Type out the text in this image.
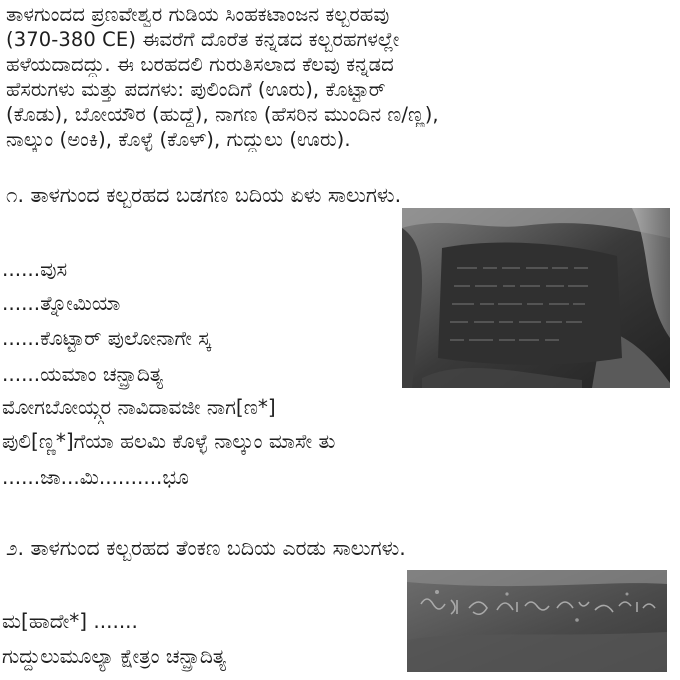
ತಾಳಗುಂದದ ಪ್ರಣವೇಶ್ವರ ಗುಡಿಯ ಸಿಂಹಕಟಾಂಜನ ಕಲ್ಬರಹವು
(370-380 CE) ಈವರೆಗೆ ದೊರೆತ ಕನ್ನಡದ ಕಲ್ಬರಹಗಳಲ್ಲೇ
ಹಳೆಯದಾದದ್ದು. ಈ ಬರಹದಲಿ ಗುರುತಿಸಲಾದ ಕೆಲವು ಕನ್ನಡದ
ಹೆಸರುಗಳು ಮತ್ತು ಪದಗಳು: ಪುಲಿಂದಿಗೆ (ಊರು), ಕೊಟ್ಟಾರ್
(ಕೊಡು), ಬೋಯೌರ (ಹುದ್ದೆ), ನಾಗಣ (ಹೆಸರಿನ ಮುಂದಿನ ಣ/ಣ್ಣ),
ನಾಲ್ಕುಂ (ಅಂಕಿ), ಕೊಳ್ಳೆ (ಕೊಳ್), ಗುದ್ದುಲು (ಊರು).
೧. ತಾಳಗುಂದ ಕಲ್ಬರಹದ ಬಡಗಣ ಬದಿಯ ಏಳು ಸಾಲುಗಳು.
......ವುಸ
......ತ್ನೋಮಿಯಾ
......ಕೊಟ್ಟಾರ್ ಪುಲೋನಾಗೇ ಸ್ಕ
......ಯಮಾಂ ಚನ್ಪ್ರಾದಿತ್ಯ
ಮೋಗಬೋಯ್ಗ್ಗರ ನಾವಿದಾವಜೀ ನಾಗ[ಣ*]
ಪುಲಿ[ಣ್ಣ*]ಗೆಯಾ ಹಲಮಿ ಕೊಳ್ಳೆ ನಾಲ್ಕುಂ ಮಾಸೇ ತು
......ಜಾ...ಮಿ..........ಭೂ
೨. ತಾಳಗುಂದ ಕಲ್ಬರಹದ ತೆಂಕಣ ಬದಿಯ ಎರಡು ಸಾಲುಗಳು.
ಮ[ಹಾದೇ*] .......
ಗುದ್ದುಲುಮೂಲ್ಯಾ ಕ್ಷೇತ್ರಂ ಚನ್ಪ್ರಾದಿತ್ಯ
